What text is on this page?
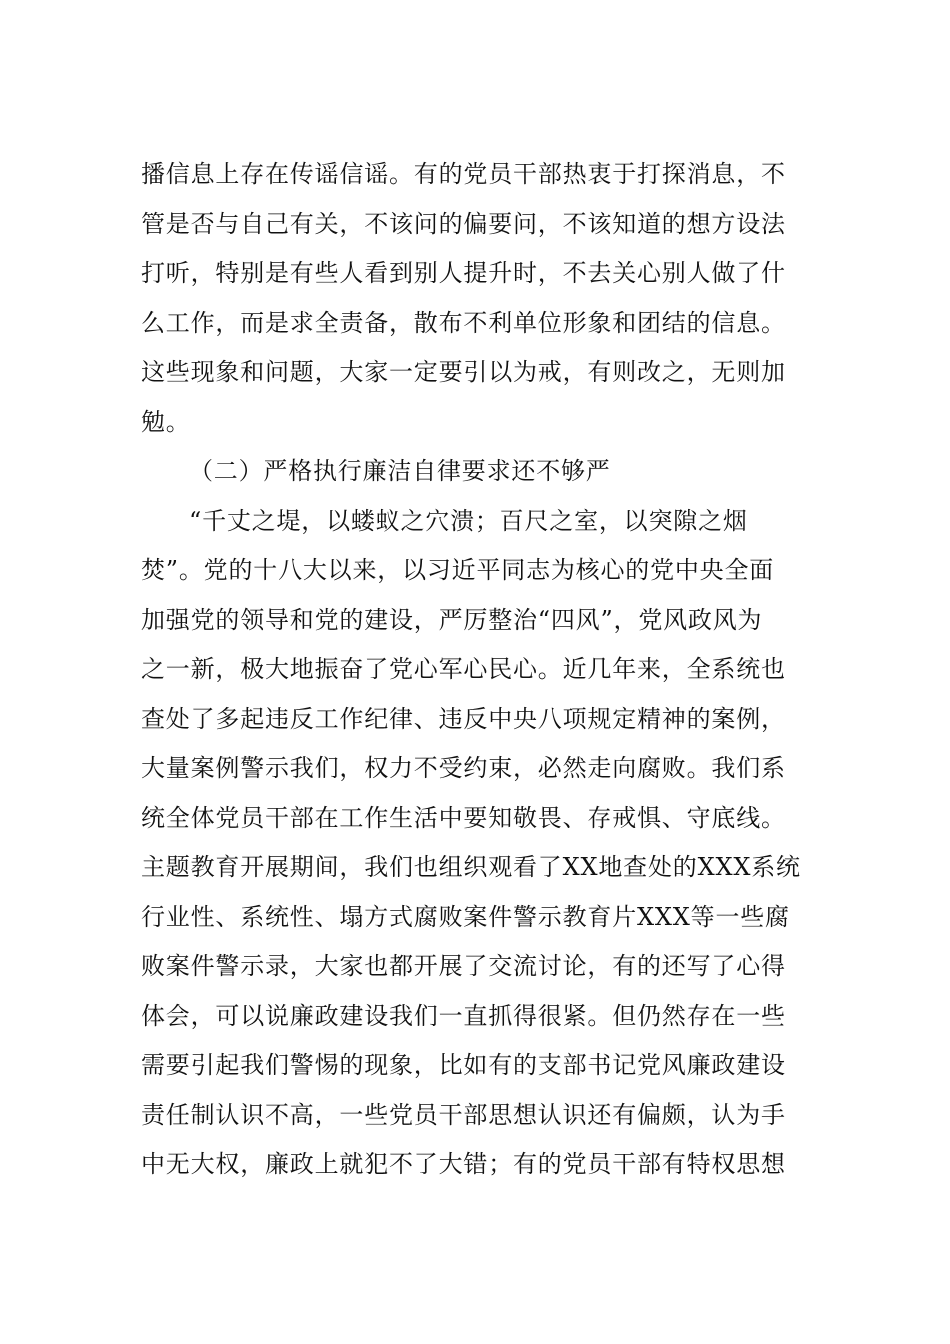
播信息上存在传谣信谣。有的党员干部热衷于打探消息，不
管是否与自己有关，不该问的偏要问，不该知道的想方设法
打听，特别是有些人看到别人提升时，不去关心别人做了什
么工作，而是求全责备，散布不利单位形象和团结的信息。
这些现象和问题，大家一定要引以为戒，有则改之，无则加
勉。
（二）严格执行廉洁自律要求还不够严
“千丈之堤，以蝼蚁之穴溃；百尺之室，以突隙之烟
焚”。党的十八大以来，以习近平同志为核心的党中央全面
加强党的领导和党的建设，严厉整治“四风”，党风政风为
之一新，极大地振奋了党心军心民心。近几年来，全系统也
查处了多起违反工作纪律、违反中央八项规定精神的案例，
大量案例警示我们，权力不受约束，必然走向腐败。我们系
统全体党员干部在工作生活中要知敬畏、存戒惧、守底线。
主题教育开展期间，我们也组织观看了XX地查处的XXX系统
行业性、系统性、塌方式腐败案件警示教育片XXX等一些腐
败案件警示录，大家也都开展了交流讨论，有的还写了心得
体会，可以说廉政建设我们一直抓得很紧。但仍然存在一些
需要引起我们警惕的现象，比如有的支部书记党风廉政建设
责任制认识不高，一些党员干部思想认识还有偏颇，认为手
中无大权，廉政上就犯不了大错；有的党员干部有特权思想
